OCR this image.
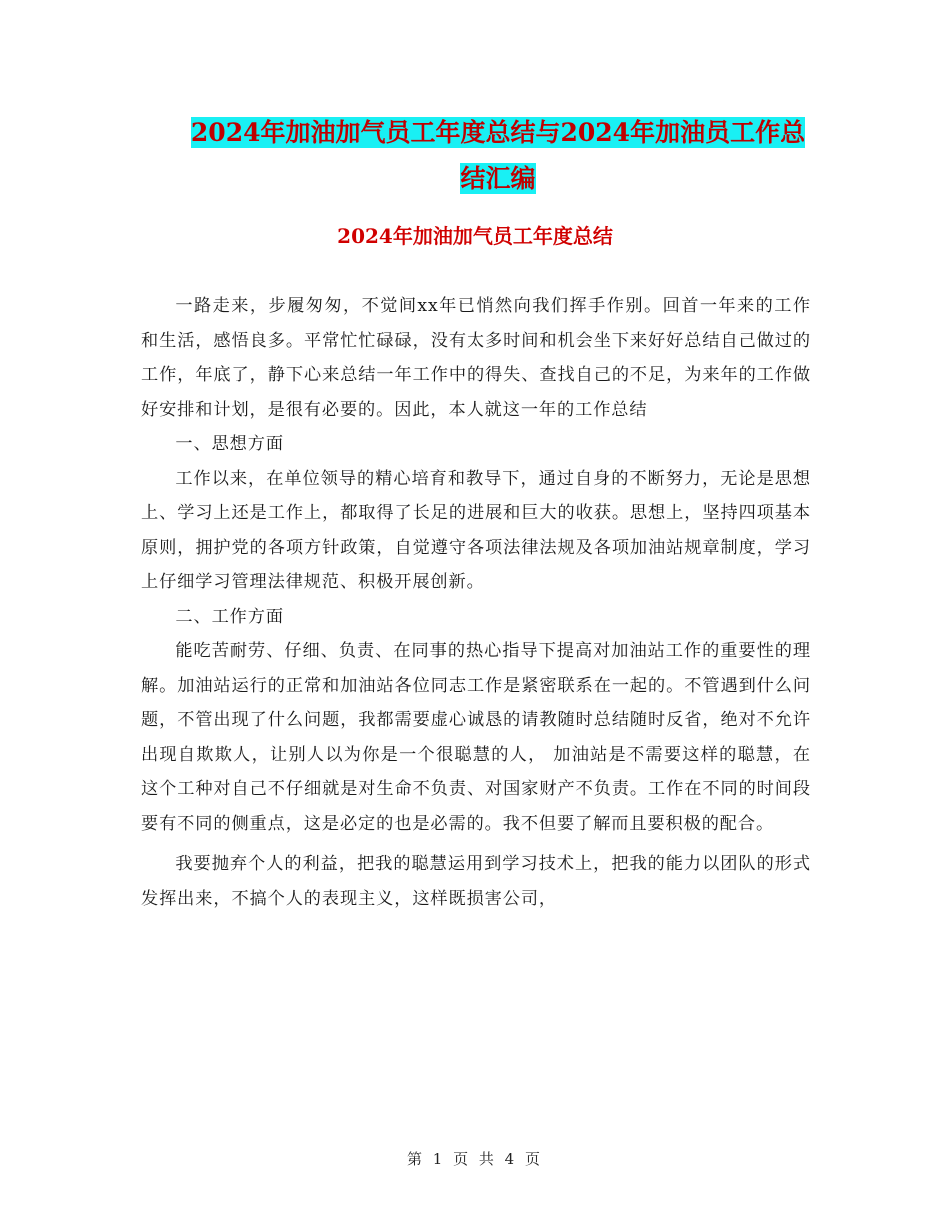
2024年加油加气员工年度总结与2024年加油员工作总
结汇编
2024年加油加气员工年度总结

一路走来，步履匆匆，不觉间xx年已悄然向我们挥手作别。回首一年来的工作和生活，感悟良多。平常忙忙碌碌，没有太多时间和机会坐下来好好总结自己做过的工作，年底了，静下心来总结一年工作中的得失、查找自己的不足，为来年的工作做好安排和计划，是很有必要的。因此，本人就这一年的工作总结

一、思想方面

工作以来，在单位领导的精心培育和教导下，通过自身的不断努力，无论是思想上、学习上还是工作上，都取得了长足的进展和巨大的收获。思想上，坚持四项基本原则，拥护党的各项方针政策，自觉遵守各项法律法规及各项加油站规章制度，学习上仔细学习管理法律规范、积极开展创新。

二、工作方面

能吃苦耐劳、仔细、负责、在同事的热心指导下提高对加油站工作的重要性的理解。加油站运行的正常和加油站各位同志工作是紧密联系在一起的。不管遇到什么问题，不管出现了什么问题，我都需要虚心诚恳的请教随时总结随时反省，绝对不允许出现自欺欺人，让别人以为你是一个很聪慧的人， 加油站是不需要这样的聪慧，在这个工种对自己不仔细就是对生命不负责、对国家财产不负责。工作在不同的时间段要有不同的侧重点，这是必定的也是必需的。我不但要了解而且要积极的配合。

我要抛弃个人的利益，把我的聪慧运用到学习技术上，把我的能力以团队的形式发挥出来，不搞个人的表现主义，这样既损害公司，

第 1 页 共 4 页
